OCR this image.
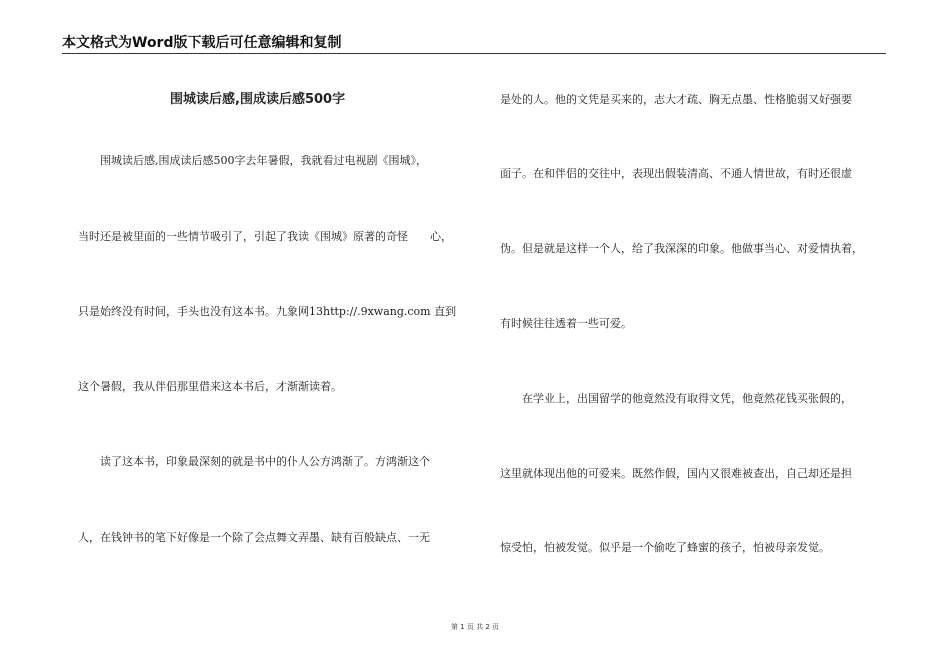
本文格式为Word版下载后可任意编辑和复制
围城读后感,围成读后感500字
　　围城读后感,围成读后感500字去年暑假，我就看过电视剧《围城》，
当时还是被里面的一些情节吸引了，引起了我读《围城》原著的奇怪　　心，
只是始终没有时间，手头也没有这本书。九象网13http://.9xwang.com 直到
这个暑假，我从伴侣那里借来这本书后，才渐渐读着。
　　读了这本书，印象最深刻的就是书中的仆人公方鸿渐了。方鸿渐这个
人，在钱钟书的笔下好像是一个除了会点舞文弄墨、缺有百般缺点、一无
是处的人。他的文凭是买来的，志大才疏、胸无点墨、性格脆弱又好强要
面子。在和伴侣的交往中，表现出假装清高、不通人情世故，有时还很虚
伪。但是就是这样一个人，给了我深深的印象。他做事当心、对爱情执着，
有时候往往透着一些可爱。
　　在学业上，出国留学的他竟然没有取得文凭，他竟然花钱买张假的，
这里就体现出他的可爱来。既然作假，国内又很难被查出，自己却还是担
惊受怕，怕被发觉。似乎是一个偷吃了蜂蜜的孩子，怕被母亲发觉。
第 1 页 共 2 页
